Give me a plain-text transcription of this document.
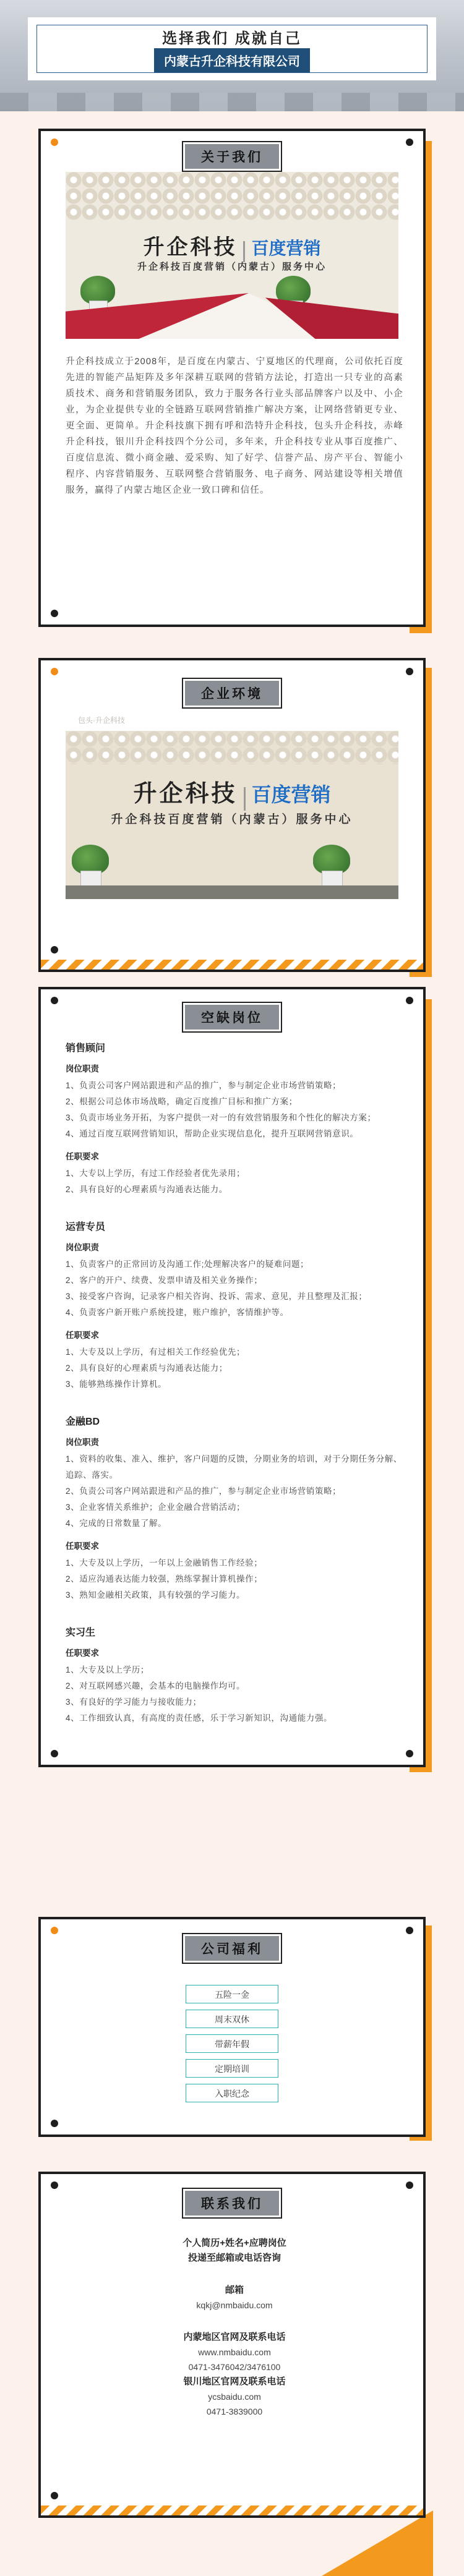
选择我们 成就自己
内蒙古升企科技有限公司
关于我们
升企科技 百度营销
升企科技百度营销（内蒙古）服务中心

升企科技成立于2008年，是百度在内蒙古、宁夏地区的代理商，公司依托百度先进的智能产品矩阵及多年深耕互联网的营销方法论，打造出一只专业的高素质技术、商务和营销服务团队，致力于服务各行业头部品牌客户以及中、小企业，为企业提供专业的全链路互联网营销推广解决方案，让网络营销更专业、更全面、更简单。升企科技旗下拥有呼和浩特升企科技，包头升企科技，赤峰升企科技，银川升企科技四个分公司，多年来，升企科技专业从事百度推广、百度信息流、微小商金融、爱采购、知了好学、信誉产品、房产平台、智能小程序、内容营销服务、互联网整合营销服务、电子商务、网站建设等相关增值服务，赢得了内蒙古地区企业一致口碑和信任。

企业环境
包头·升企科技
升企科技 百度营销
升企科技百度营销（内蒙古）服务中心
空缺岗位
销售顾问
岗位职责
1、负责公司客户网站跟进和产品的推广，参与制定企业市场营销策略；
2、根据公司总体市场战略，确定百度推广目标和推广方案；
3、负责市场业务开拓，为客户提供一对一的有效营销服务和个性化的解决方案；
4、通过百度互联网营销知识，帮助企业实现信息化，提升互联网营销意识。
任职要求
1、大专以上学历，有过工作经验者优先录用；
2、具有良好的心理素质与沟通表达能力。
运营专员
岗位职责
1、负责客户的正常回访及沟通工作;处理解决客户的疑难问题；
2、客户的开户、续费、发票申请及相关业务操作；
3、接受客户咨询，记录客户相关咨询、投诉、需求、意见，并且整理及汇报；
4、负责客户新开账户系统投建，账户维护，客情维护等。
任职要求
1、大专及以上学历，有过相关工作经验优先；
2、具有良好的心理素质与沟通表达能力；
3、能够熟练操作计算机。
金融BD
岗位职责
1、资料的收集、准入、维护，客户问题的反馈，分期业务的培训，对于分期任务分解、追踪、落实。
2、负责公司客户网站跟进和产品的推广，参与制定企业市场营销策略；
3、企业客情关系维护；企业金融合营销活动；
4、完成的日常数量了解。
任职要求
1、大专及以上学历，一年以上金融销售工作经验；
2、适应沟通表达能力较强，熟练掌握计算机操作；
3、熟知金融相关政策，具有较强的学习能力。
实习生
任职要求
1、大专及以上学历；
2、对互联网感兴趣，会基本的电脑操作均可。
3、有良好的学习能力与接收能力；
4、工作细致认真，有高度的责任感，乐于学习新知识，沟通能力强。
公司福利
五险一金
周末双休
带薪年假
定期培训
入职纪念
联系我们
个人简历+姓名+应聘岗位
投递至邮箱或电话咨询
邮箱
kqkj@nmbaidu.com
内蒙地区官网及联系电话
www.nmbaidu.com
0471-3476042/3476100
银川地区官网及联系电话
ycsbaidu.com
0471-3839000
